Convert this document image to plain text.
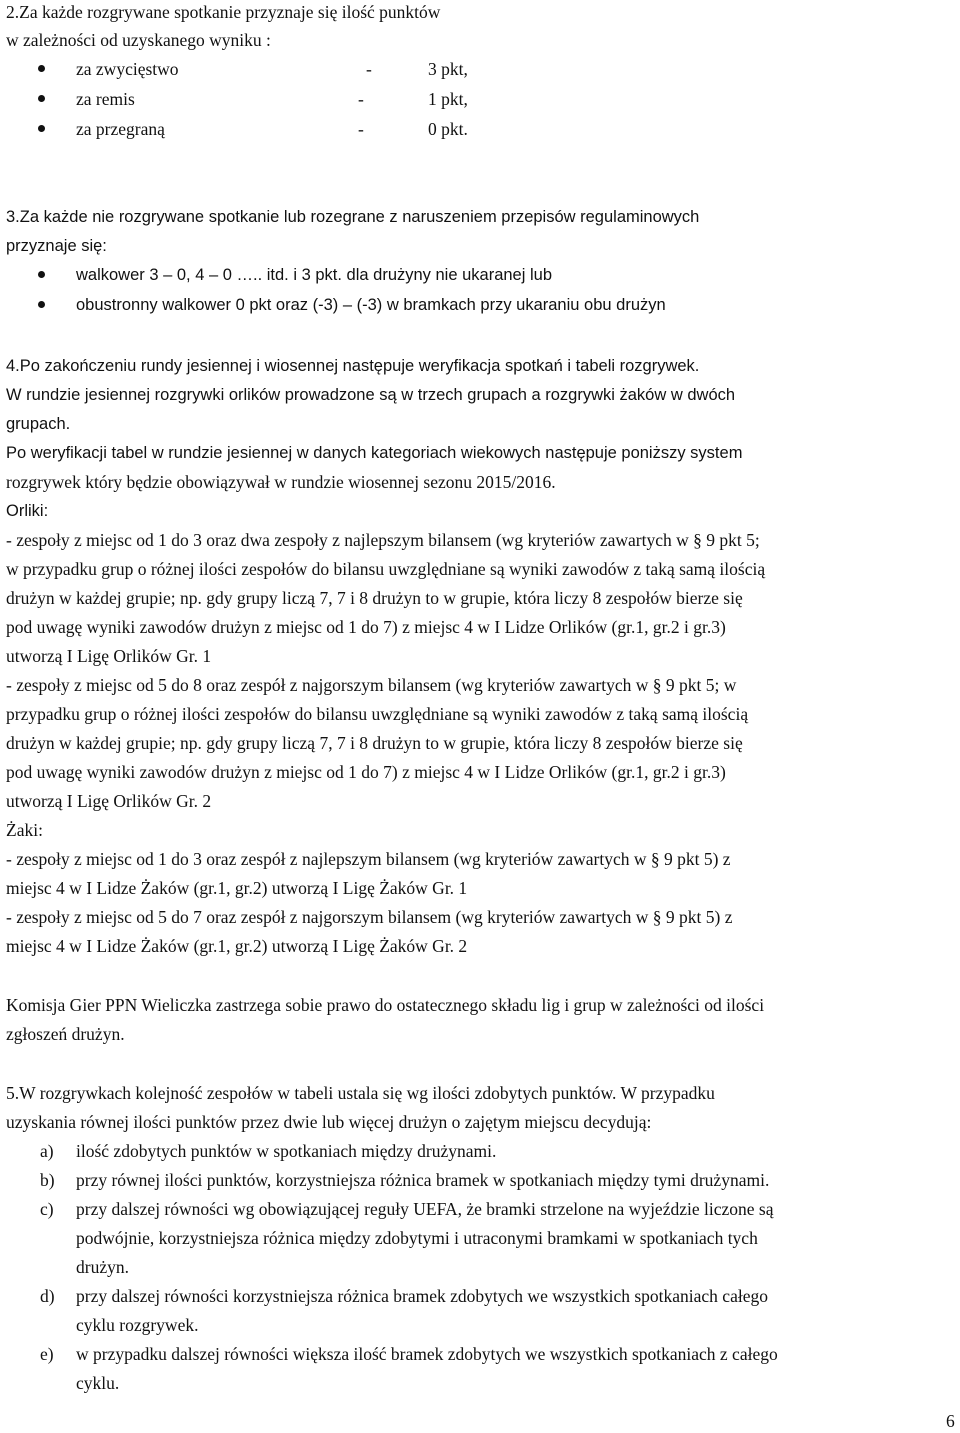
2.Za każde rozgrywane spotkanie przyznaje się ilość punktów
w zależności od uzyskanego wyniku :
za zwycięstwo	-	3 pkt,
za remis	-	1 pkt,
za przegraną	-	0 pkt.
3.Za każde nie rozgrywane spotkanie lub rozegrane z naruszeniem przepisów regulaminowych
przyznaje się:
walkower 3 – 0, 4 – 0 ….. itd. i 3 pkt. dla drużyny nie ukaranej lub
obustronny walkower 0 pkt oraz (-3) – (-3) w bramkach przy ukaraniu obu drużyn
4.Po zakończeniu rundy jesiennej i wiosennej następuje weryfikacja spotkań i tabeli rozgrywek.
W rundzie jesiennej rozgrywki orlików prowadzone są w trzech grupach a rozgrywki żaków w dwóch
grupach.
Po weryfikacji tabel w rundzie jesiennej w danych kategoriach wiekowych następuje poniższy system
rozgrywek który będzie obowiązywał w rundzie wiosennej sezonu 2015/2016.
Orliki:
- zespoły z miejsc od 1 do 3 oraz dwa zespoły z najlepszym bilansem (wg kryteriów zawartych w § 9 pkt 5;
w przypadku grup o różnej ilości zespołów do bilansu uwzględniane są wyniki zawodów z taką samą ilością
drużyn w każdej grupie; np. gdy grupy liczą 7, 7 i 8 drużyn to w grupie, która liczy 8 zespołów bierze się
pod uwagę wyniki zawodów drużyn z miejsc od 1 do 7) z miejsc 4 w I Lidze Orlików (gr.1, gr.2 i gr.3)
utworzą I Ligę Orlików Gr. 1
- zespoły z miejsc od 5 do 8 oraz zespół z najgorszym bilansem (wg kryteriów zawartych w § 9 pkt 5; w
przypadku grup o różnej ilości zespołów do bilansu uwzględniane są wyniki zawodów z taką samą ilością
drużyn w każdej grupie; np. gdy grupy liczą 7, 7 i 8 drużyn to w grupie, która liczy 8 zespołów bierze się
pod uwagę wyniki zawodów drużyn z miejsc od 1 do 7) z miejsc 4 w I Lidze Orlików (gr.1, gr.2 i gr.3)
utworzą I Ligę Orlików Gr. 2
Żaki:
- zespoły z miejsc od 1 do 3 oraz zespół z najlepszym bilansem (wg kryteriów zawartych w § 9 pkt 5) z
miejsc 4 w I Lidze Żaków (gr.1, gr.2) utworzą I Ligę Żaków Gr. 1
- zespoły z miejsc od 5 do 7 oraz zespół z najgorszym bilansem (wg kryteriów zawartych w § 9 pkt 5) z
miejsc 4 w I Lidze Żaków (gr.1, gr.2) utworzą I Ligę Żaków Gr. 2
Komisja Gier PPN Wieliczka zastrzega sobie prawo do ostatecznego składu lig i grup w zależności od ilości
zgłoszeń drużyn.
5.W rozgrywkach kolejność zespołów w tabeli ustala się wg ilości zdobytych punktów. W przypadku
uzyskania równej ilości punktów przez dwie lub więcej drużyn o zajętym miejscu decydują:
a) ilość zdobytych punktów w spotkaniach między drużynami.
b) przy równej ilości punktów, korzystniejsza różnica bramek w spotkaniach między tymi drużynami.
c) przy dalszej równości wg obowiązującej reguły UEFA, że bramki strzelone na wyjeździe liczone są
podwójnie, korzystniejsza różnica między zdobytymi i utraconymi bramkami w spotkaniach tych
drużyn.
d) przy dalszej równości korzystniejsza różnica bramek zdobytych we wszystkich spotkaniach całego
cyklu rozgrywek.
e) w przypadku dalszej równości większa ilość bramek zdobytych we wszystkich spotkaniach z całego
cyklu.
6
